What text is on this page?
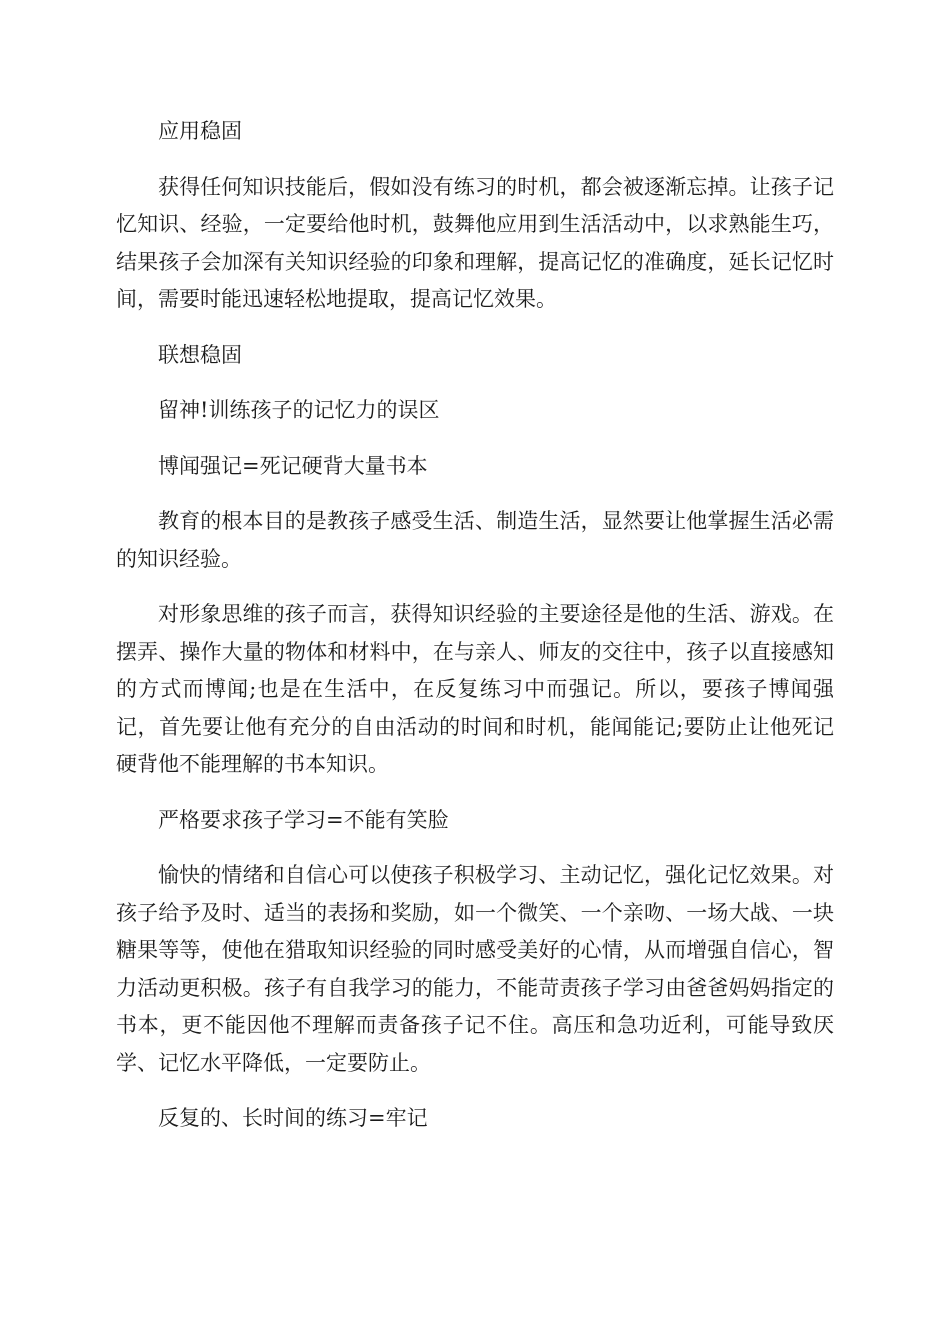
应用稳固

获得任何知识技能后，假如没有练习的时机，都会被逐渐忘掉。让孩子记忆知识、经验，一定要给他时机，鼓舞他应用到生活活动中，以求熟能生巧，结果孩子会加深有关知识经验的印象和理解，提高记忆的准确度，延长记忆时间，需要时能迅速轻松地提取，提高记忆效果。

联想稳固

留神!训练孩子的记忆力的误区

博闻强记=死记硬背大量书本

教育的根本目的是教孩子感受生活、制造生活，显然要让他掌握生活必需的知识经验。

对形象思维的孩子而言，获得知识经验的主要途径是他的生活、游戏。在摆弄、操作大量的物体和材料中，在与亲人、师友的交往中，孩子以直接感知的方式而博闻;也是在生活中，在反复练习中而强记。所以，要孩子博闻强记，首先要让他有充分的自由活动的时间和时机，能闻能记;要防止让他死记硬背他不能理解的书本知识。

严格要求孩子学习=不能有笑脸

愉快的情绪和自信心可以使孩子积极学习、主动记忆，强化记忆效果。对孩子给予及时、适当的表扬和奖励，如一个微笑、一个亲吻、一场大战、一块糖果等等，使他在猎取知识经验的同时感受美好的心情，从而增强自信心，智力活动更积极。孩子有自我学习的能力，不能苛责孩子学习由爸爸妈妈指定的书本，更不能因他不理解而责备孩子记不住。高压和急功近利，可能导致厌学、记忆水平降低，一定要防止。

反复的、长时间的练习=牢记
